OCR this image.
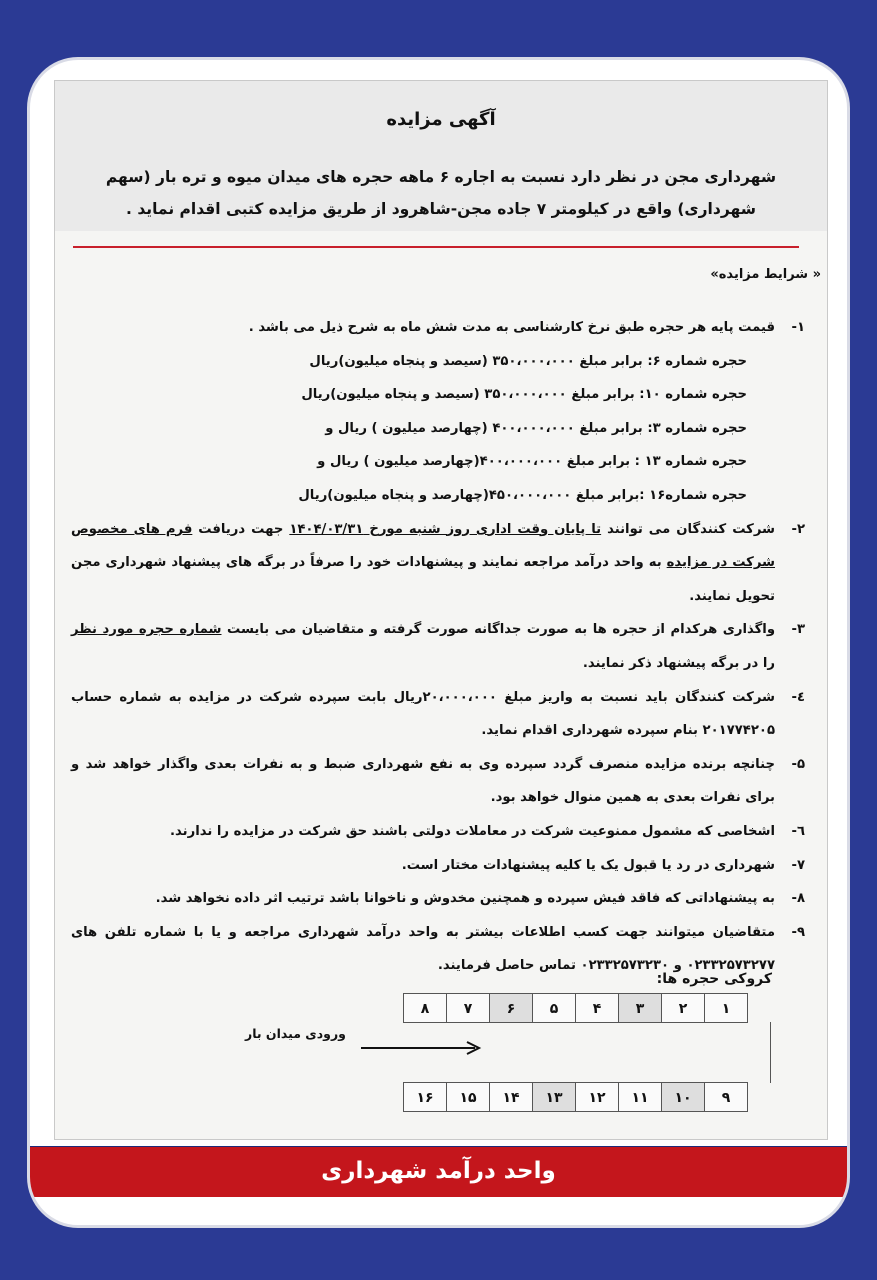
آگهی مزایده
شهرداری مجن در نظر دارد نسبت به اجاره ۶ ماهه حجره های میدان میوه و تره بار (سهم شهرداری) واقع در کیلومتر ۷ جاده مجن-شاهرود از طریق مزایده کتبی اقدام نماید .
« شرایط مزایده»
۱-
قیمت پایه هر حجره طبق نرخ کارشناسی به مدت شش ماه به شرح ذیل می باشد .
حجره شماره ۶: برابر مبلغ ۳۵۰،۰۰۰،۰۰۰ (سیصد و پنجاه میلیون)ریال
حجره شماره ۱۰: برابر مبلغ ۳۵۰،۰۰۰،۰۰۰ (سیصد و پنجاه میلیون)ریال
حجره شماره ۳: برابر مبلغ ۴۰۰،۰۰۰،۰۰۰ (چهارصد میلیون ) ریال و
حجره شماره ۱۳ : برابر مبلغ ۴۰۰،۰۰۰،۰۰۰(چهارصد میلیون ) ریال و
حجره شماره۱۶ :برابر مبلغ ۴۵۰،۰۰۰،۰۰۰(چهارصد و پنجاه میلیون)ریال
۲-
شرکت کنندگان می توانند تا پایان وقت اداری روز شنبه مورخ ۱۴۰۴/۰۳/۳۱ جهت دریافت فرم های مخصوص شرکت در مزایده به واحد درآمد مراجعه نمایند و پیشنهادات خود را صرفاً در برگه های پیشنهاد شهرداری مجن تحویل نمایند.
۳-
واگذاری هرکدام از حجره ها به صورت جداگانه صورت گرفته و متقاضیان می بایست شماره حجره مورد نظر را در برگه پیشنهاد ذکر نمایند.
٤-
شرکت کنندگان باید نسبت به واریز مبلغ ۲۰،۰۰۰،۰۰۰ریال بابت سپرده شرکت در مزایده به شماره حساب ۲۰۱۷۷۴۲۰۵ بنام سپرده شهرداری اقدام نماید.
۵-
چنانچه برنده مزایده منصرف گردد سپرده وی به نفع شهرداری ضبط و به نفرات بعدی واگذار خواهد شد و برای نفرات بعدی به همین منوال خواهد بود.
٦-
اشخاصی که مشمول ممنوعیت شرکت در معاملات دولتی باشند حق شرکت در مزایده را ندارند.
۷-
شهرداری در رد یا قبول یک یا کلیه پیشنهادات مختار است.
۸-
به پیشنهاداتی که فاقد فیش سپرده و همچنین مخدوش و ناخوانا باشد ترتیب اثر داده نخواهد شد.
۹-
متقاضیان میتوانند جهت کسب اطلاعات بیشتر به واحد درآمد شهرداری مراجعه و یا با شماره تلفن های ۰۲۳۳۲۵۷۳۲۷۷ و ۰۲۳۳۲۵۷۳۲۳۰ تماس حاصل فرمایند.
کروکی حجره ها:
۱
۲
۳
۴
۵
۶
۷
۸
ورودی میدان بار
۹
۱۰
۱۱
۱۲
۱۳
۱۴
۱۵
۱۶
واحد درآمد شهرداری
